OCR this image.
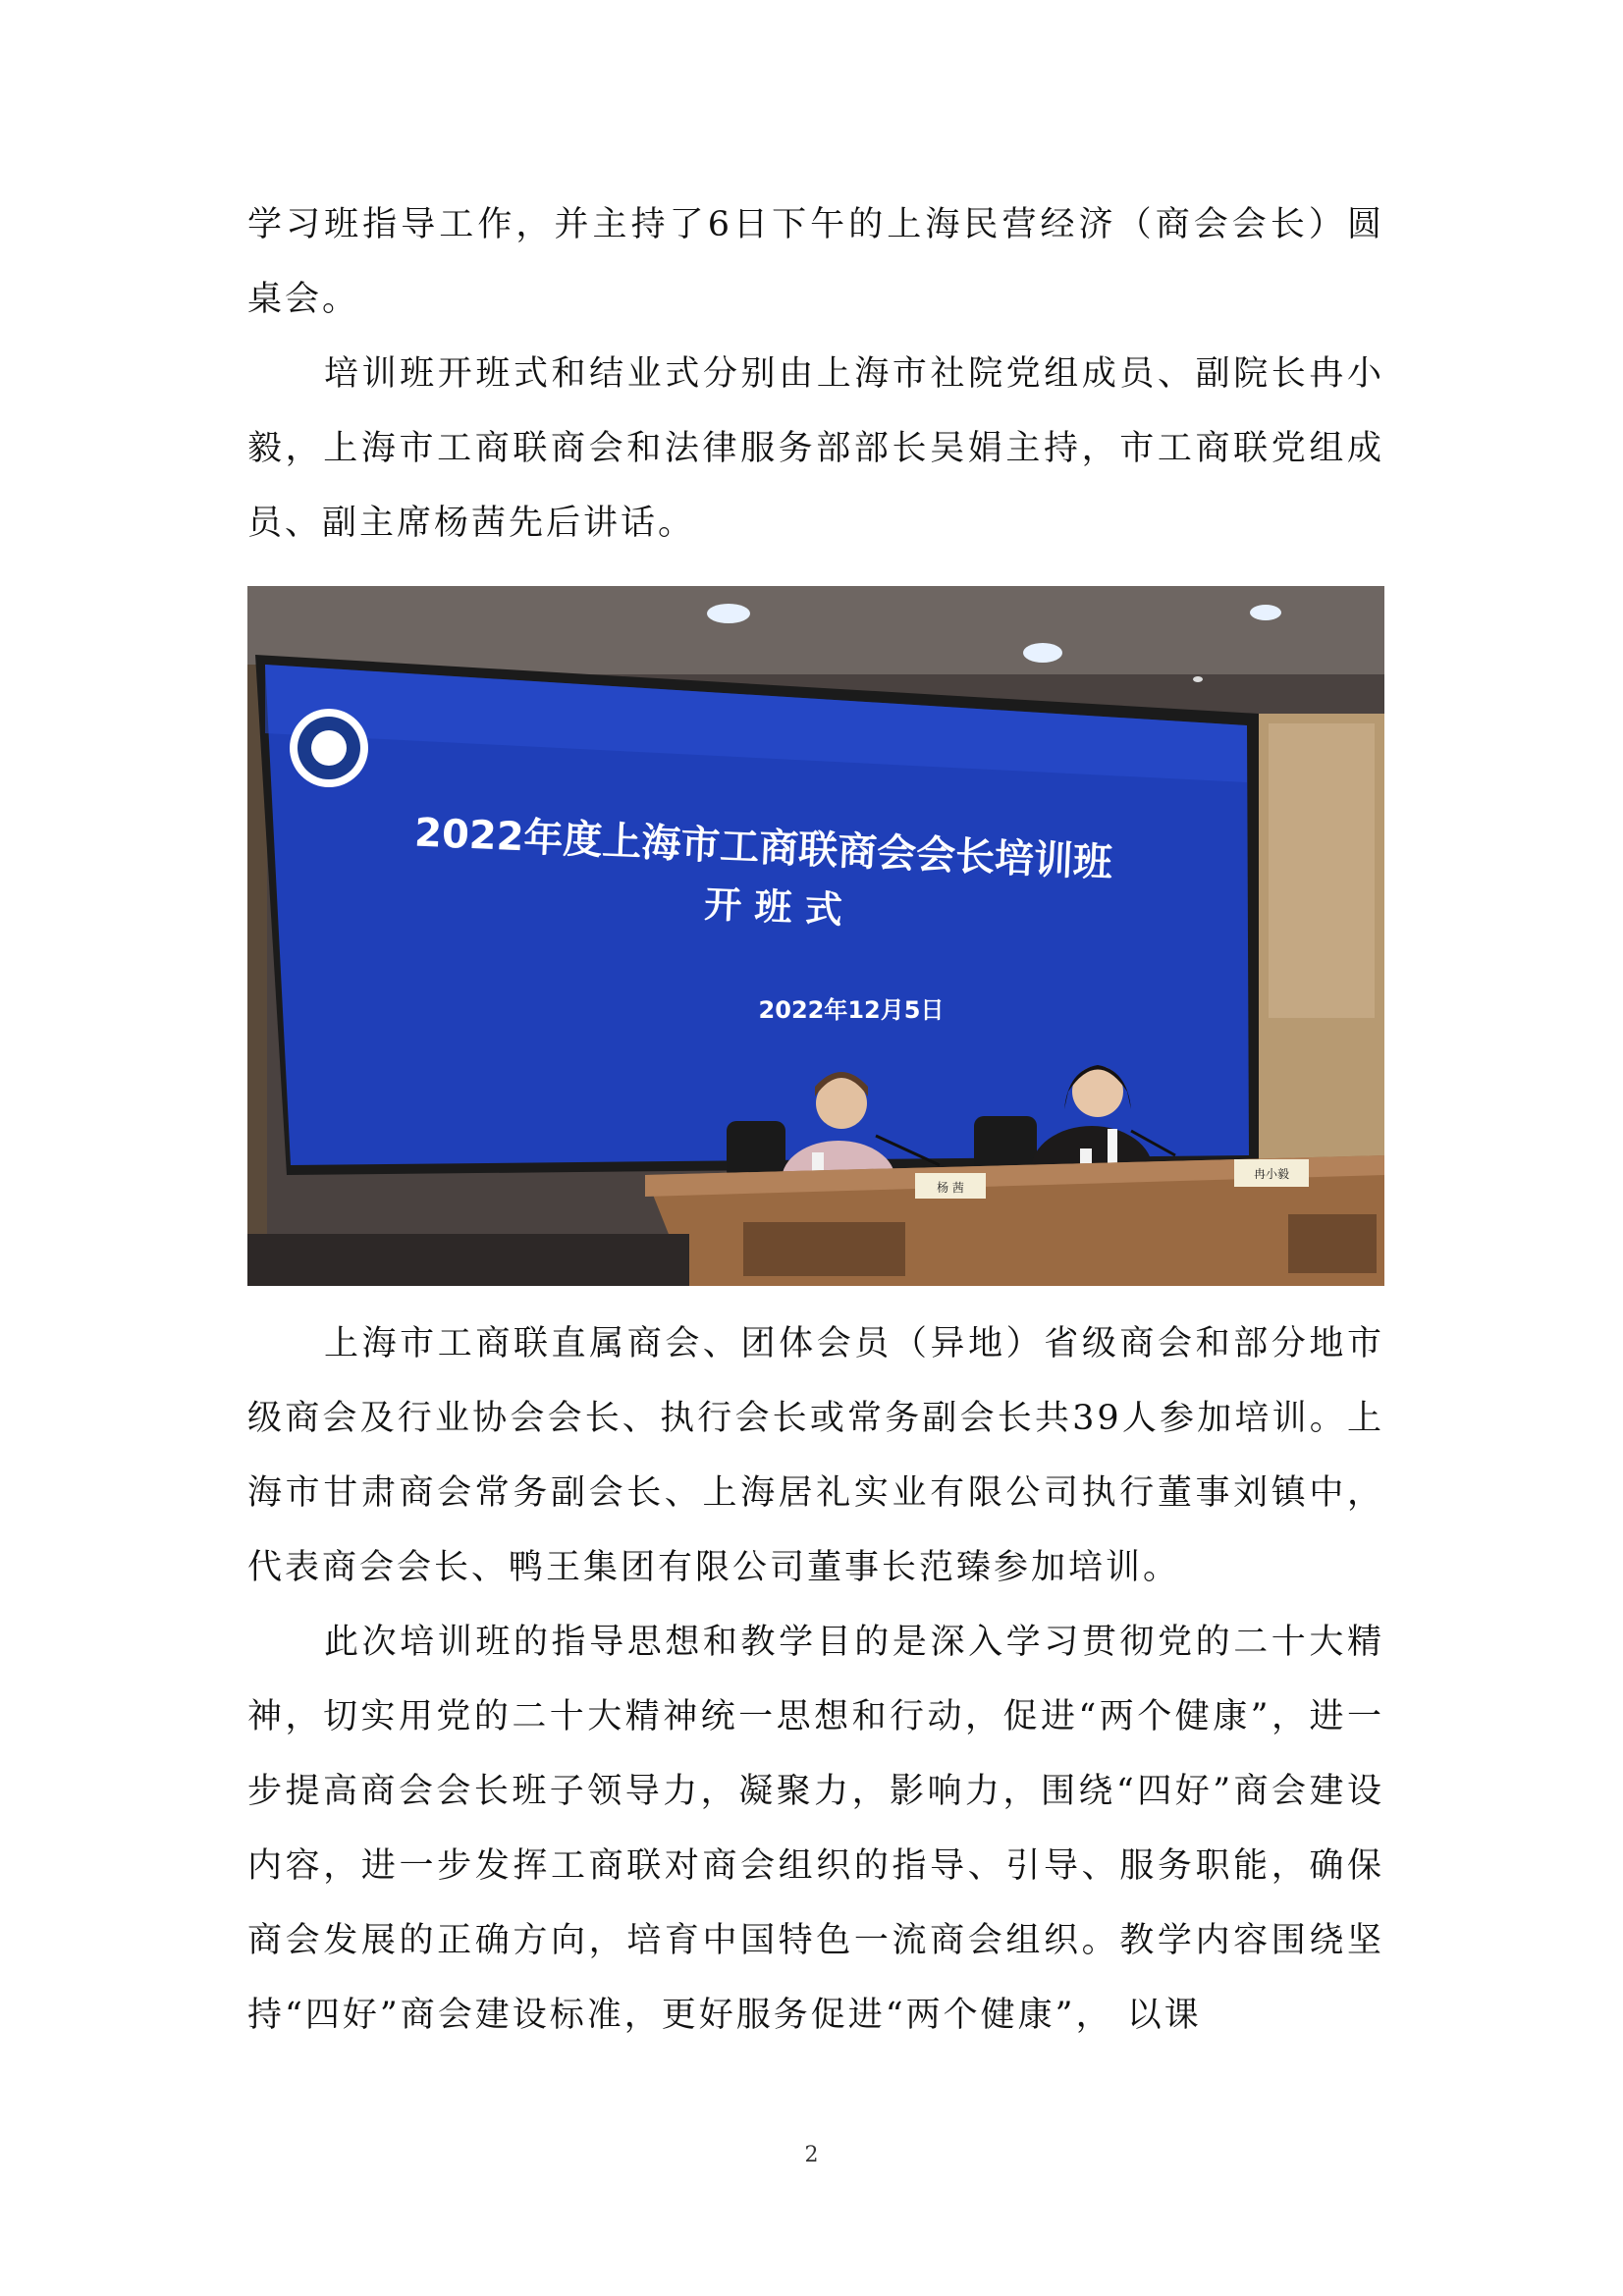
学习班指导工作，并主持了6日下午的上海民营经济（商会会长）圆桌会。

培训班开班式和结业式分别由上海市社院党组成员、副院长冉小毅，上海市工商联商会和法律服务部部长吴娟主持，市工商联党组成员、副主席杨茜先后讲话。

2022年度上海市工商联商会会长培训班
开 班 式
2022年12月5日
杨 茜
冉小毅

上海市工商联直属商会、团体会员（异地）省级商会和部分地市级商会及行业协会会长、执行会长或常务副会长共39人参加培训。上海市甘肃商会常务副会长、上海居礼实业有限公司执行董事刘镇中，代表商会会长、鸭王集团有限公司董事长范臻参加培训。

此次培训班的指导思想和教学目的是深入学习贯彻党的二十大精神，切实用党的二十大精神统一思想和行动，促进“两个健康”，进一步提高商会会长班子领导力，凝聚力，影响力，围绕“四好”商会建设内容，进一步发挥工商联对商会组织的指导、引导、服务职能，确保商会发展的正确方向，培育中国特色一流商会组织。教学内容围绕坚持“四好”商会建设标准，更好服务促进“两个健康”， 以课

2
